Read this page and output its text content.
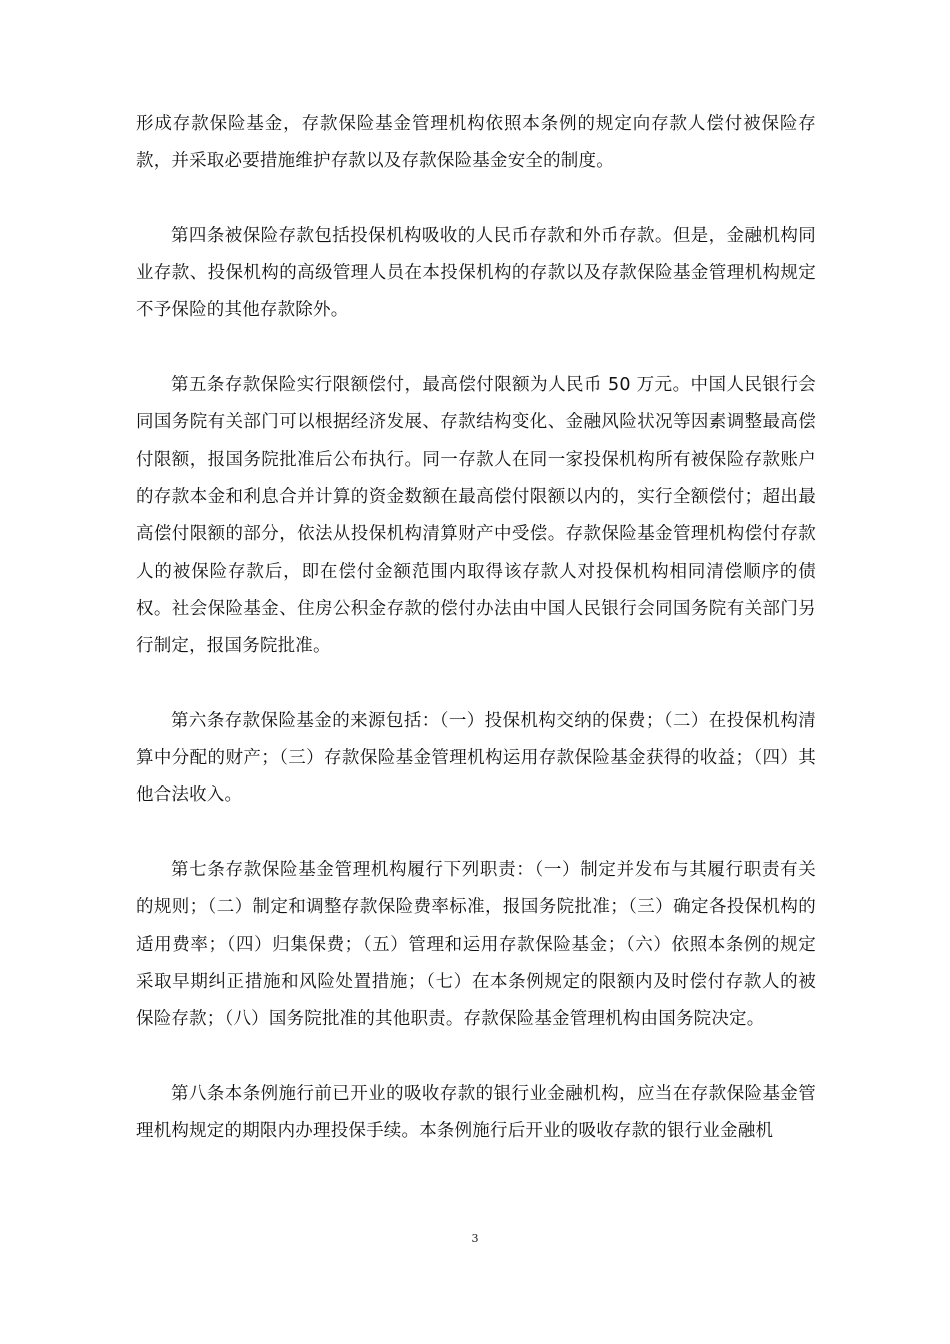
形成存款保险基金，存款保险基金管理机构依照本条例的规定向存款人偿付被保险存款，并采取必要措施维护存款以及存款保险基金安全的制度。

第四条被保险存款包括投保机构吸收的人民币存款和外币存款。但是，金融机构同业存款、投保机构的高级管理人员在本投保机构的存款以及存款保险基金管理机构规定不予保险的其他存款除外。

第五条存款保险实行限额偿付，最高偿付限额为人民币 50 万元。中国人民银行会同国务院有关部门可以根据经济发展、存款结构变化、金融风险状况等因素调整最高偿付限额，报国务院批准后公布执行。同一存款人在同一家投保机构所有被保险存款账户的存款本金和利息合并计算的资金数额在最高偿付限额以内的，实行全额偿付；超出最高偿付限额的部分，依法从投保机构清算财产中受偿。存款保险基金管理机构偿付存款人的被保险存款后，即在偿付金额范围内取得该存款人对投保机构相同清偿顺序的债权。社会保险基金、住房公积金存款的偿付办法由中国人民银行会同国务院有关部门另行制定，报国务院批准。

第六条存款保险基金的来源包括：（一）投保机构交纳的保费；（二）在投保机构清算中分配的财产；（三）存款保险基金管理机构运用存款保险基金获得的收益；（四）其他合法收入。

第七条存款保险基金管理机构履行下列职责：（一）制定并发布与其履行职责有关的规则；（二）制定和调整存款保险费率标准，报国务院批准；（三）确定各投保机构的适用费率；（四）归集保费；（五）管理和运用存款保险基金；（六）依照本条例的规定采取早期纠正措施和风险处置措施；（七）在本条例规定的限额内及时偿付存款人的被保险存款；（八）国务院批准的其他职责。存款保险基金管理机构由国务院决定。

第八条本条例施行前已开业的吸收存款的银行业金融机构，应当在存款保险基金管理机构规定的期限内办理投保手续。本条例施行后开业的吸收存款的银行业金融机

3
